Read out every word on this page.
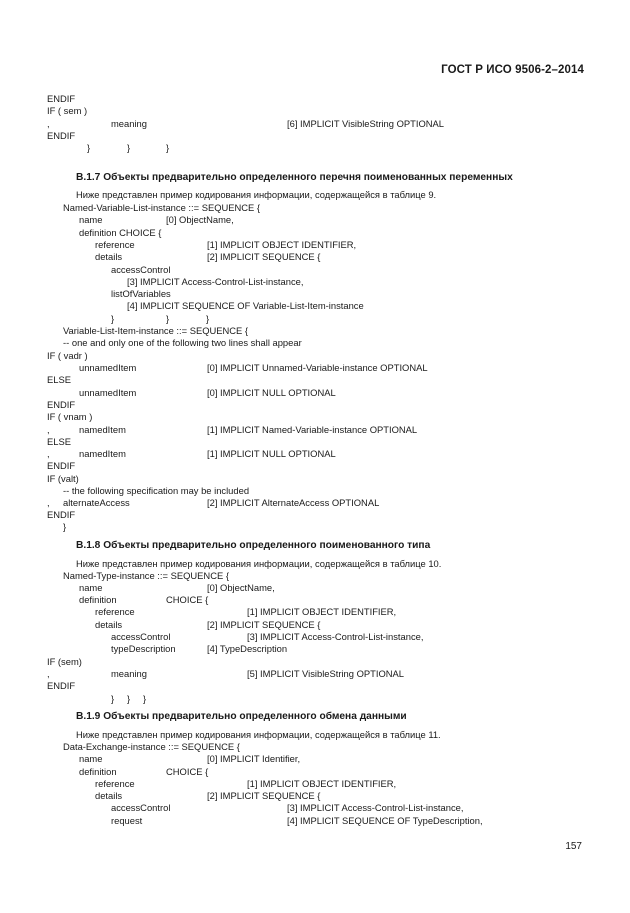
ГОСТ Р ИСО 9506-2–2014
ENDIF
IF ( sem )
,	meaning	[6] IMPLICIT VisibleString OPTIONAL
ENDIF
}	}	}
B.1.7 Объекты предварительно определенного перечня поименованных переменных
Ниже представлен пример кодирования информации, содержащейся в таблице 9.
Named-Variable-List-instance ::= SEQUENCE {
name	[0] ObjectName,
definition CHOICE {
reference	[1] IMPLICIT OBJECT IDENTIFIER,
details	[2] IMPLICIT SEQUENCE {
accessControl
[3] IMPLICIT Access-Control-List-instance,
listOfVariables
[4] IMPLICIT SEQUENCE OF Variable-List-Item-instance
}	}	}
Variable-List-Item-instance ::= SEQUENCE {
-- one and only one of the following two lines shall appear
IF ( vadr )
unnamedItem	[0] IMPLICIT Unnamed-Variable-instance OPTIONAL
ELSE
unnamedItem	[0] IMPLICIT NULL OPTIONAL
ENDIF
IF ( vnam )
,	namedItem	[1] IMPLICIT Named-Variable-instance OPTIONAL
ELSE
,	namedItem	[1] IMPLICIT NULL OPTIONAL
ENDIF
IF (valt)
-- the following specification may be included
, alternateAccess	[2] IMPLICIT AlternateAccess OPTIONAL
ENDIF
}
B.1.8 Объекты предварительно определенного поименованного типа
Ниже представлен пример кодирования информации, содержащейся в таблице 10.
Named-Type-instance ::= SEQUENCE {
name	[0] ObjectName,
definition	CHOICE {
reference	[1] IMPLICIT OBJECT IDENTIFIER,
details	[2] IMPLICIT SEQUENCE {
accessControl	[3] IMPLICIT Access-Control-List-instance,
typeDescription	[4] TypeDescription
IF (sem)
,	meaning	[5] IMPLICIT VisibleString OPTIONAL
ENDIF
} } }
B.1.9 Объекты предварительно определенного обмена данными
Ниже представлен пример кодирования информации, содержащейся в таблице 11.
Data-Exchange-instance ::= SEQUENCE {
name	[0] IMPLICIT Identifier,
definition	CHOICE {
reference	[1] IMPLICIT OBJECT IDENTIFIER,
details	[2] IMPLICIT SEQUENCE {
accessControl	[3] IMPLICIT Access-Control-List-instance,
request	[4] IMPLICIT SEQUENCE OF TypeDescription,
157
